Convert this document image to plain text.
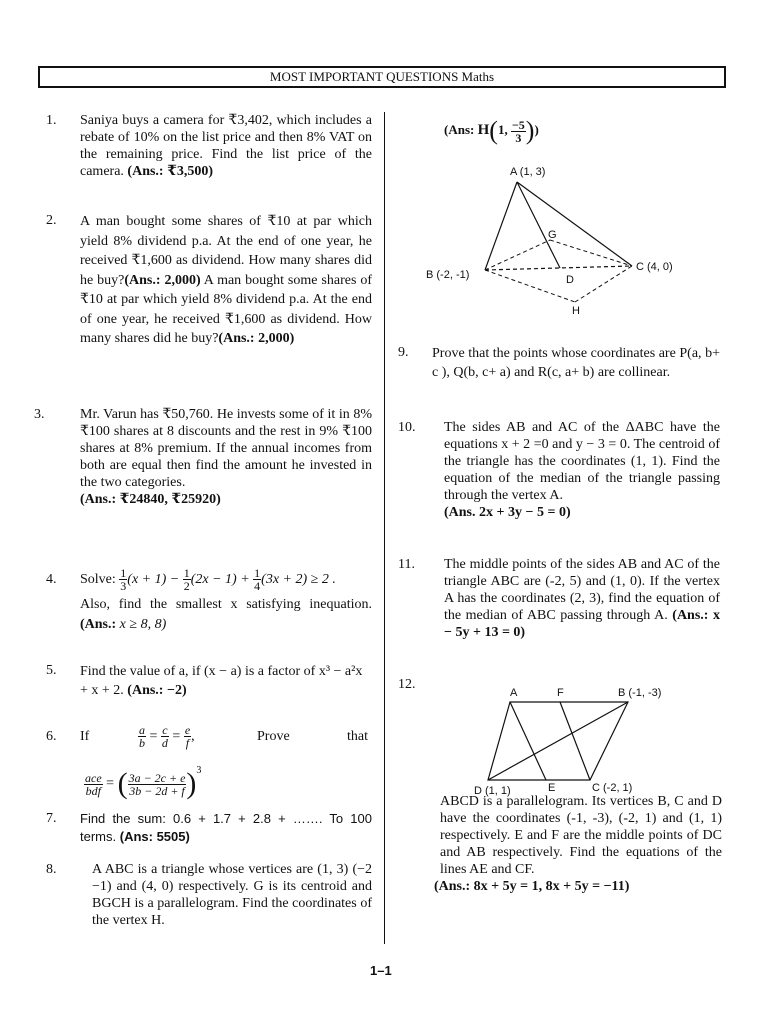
MOST IMPORTANT QUESTIONS Maths
1. Saniya buys a camera for ₹3,402, which includes a rebate of 10% on the list price and then 8% VAT on the remaining price. Find the list price of the camera. (Ans.: ₹3,500)
2. A man bought some shares of ₹10 at par which yield 8% dividend p.a. At the end of one year, he received ₹1,600 as dividend. How many shares did he buy?(Ans.: 2,000) A man bought some shares of ₹10 at par which yield 8% dividend p.a. At the end of one year, he received ₹1,600 as dividend. How many shares did he buy?(Ans.: 2,000)
3.	Mr. Varun has ₹50,760. He invests some of it in 8% ₹100 shares at 8 discounts and the rest in 9% ₹100 shares at 8% premium. If the annual incomes from both are equal then find the amount he invested in the two categories.
(Ans.: ₹24840, ₹25920)
4. Solve: $\frac{1}{3} (x + 1) - \frac{1}{2} (2x - 1) + \frac{1}{4} (3x + 2) \ge 2$ .
Also, find the smallest x satisfying inequation. (Ans.: x ≥ 8, 8)
5. Find the value of a, if (x − a) is a factor of x³ − a²x + x + 2. (Ans.: −2)
6. If	$\frac{a}{b} = \frac{c}{d} = \frac{e}{f}$ ,	Prove	that
$\frac{\text{ace}}{\text{bdf}}$ = ( $\frac{3a - 2c + e}{3b - 2d + f} )^3$
7. Find the sum: 0.6 + 1.7 + 2.8 + ……. To 100 terms. (Ans: 5505)
8.	A ABC is a triangle whose vertices are (1, 3) (−2 −1) and (4, 0) respectively. G is its centroid and BGCH is a parallelogram. Find the coordinates of the vertex H.
(Ans: H(1, $\frac{-5}{3}$ ))
A (1, 3)
B (-2, -1)
C (4, 0)
G
D
H
9. Prove that the points whose coordinates are P(a, b+ c ), Q(b, c+ a) and R(c, a+ b) are collinear.
10. The sides AB and AC of the ΔABC have the equations x + 2 =0 and y − 3 = 0. The centroid of the triangle has the coordinates (1, 1). Find the equation of the median of the triangle passing through the vertex A.
(Ans. 2x + 3y − 5 = 0)
11. The middle points of the sides AB and AC of the triangle ABC are (-2, 5) and (1, 0). If the vertex A has the coordinates (2, 3), find the equation of the median of ABC passing through A. (Ans.: x − 5y + 13 = 0)
12.
A	F	B (-1, -3)
D (1, 1)	E	C (-2, 1)
ABCD is a parallelogram. Its vertices B, C and D have the coordinates (-1, -3), (-2, 1) and (1, 1) respectively. E and F are the middle points of DC and AB respectively. Find the equations of the lines AE and CF.
(Ans.: 8x + 5y = 1, 8x + 5y = −11)
1–1
